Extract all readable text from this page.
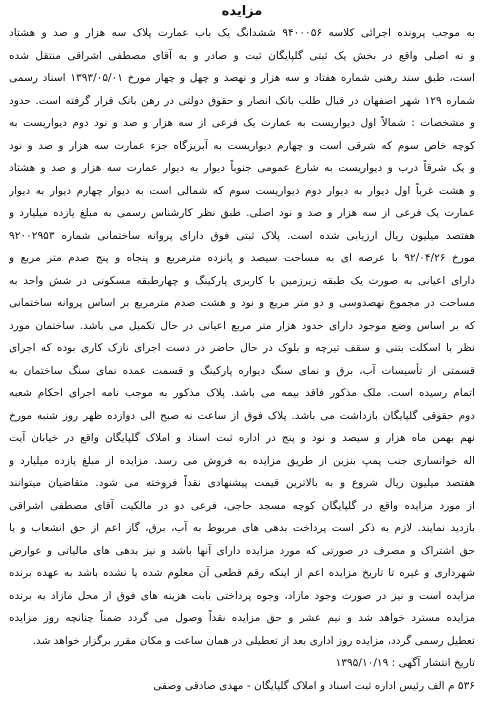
مزایده
به موجب پرونده اجرائی کلاسه ۹۴۰۰۰۵۶ ششدانگ یک باب عمارت پلاک سه هزار و صد و هشتاد
و نه اصلی واقع در بخش یک ثبتی گلپایگان ثبت و صادر و به آقای مصطفی اشراقی منتقل شده
است، طبق سند رهنی شماره هفتاد و سه هزار و نهصد و چهل و چهار مورخ ۱۳۹۳/۰۵/۰۱ اسناد رسمی
شماره ۱۲۹ شهر اصفهان در قبال طلب بانک انصار و حقوق دولتی در رهن بانک قرار گرفته است. حدود
و مشخصات : شمالاً اول دیواریست به عمارت یک فرعی از سه هزار و صد و نود دوم دیواریست به
کوچه خاص سوم که شرقی است و چهارم دیواریست به آبریزگاه جزء عمارت سه هزار و صد و نود
و یک شرقاً درب و دیواریست به شارع عمومی جنوباً دیوار به دیوار عمارت سه هزار و صد و هشتاد
و هشت غرباً اول دیوار به دیوار دوم دیواریست سوم که شمالی است به دیوار چهارم دیوار به دیوار
عمارت یک فرعی از سه هزار و صد و نود اصلی. طبق نظر کارشناس رسمی به مبلغ یازده میلیارد و
هفتصد میلیون ریال ارزیابی شده است. پلاک ثبتی فوق دارای پروانه ساختمانی شماره ۹۲۰۰۲۹۵۳
مورخ ۹۲/۰۴/۲۶ با عرصه ای به مساحت سیصد و پانزده مترمربع و پنجاه و پنج صدم متر مربع و
دارای اعیانی به صورت یک طبقه زیرزمین با کاربری پارکینگ و چهارطبقه مسکونی در شش واحد به
مساحت در مجموع نهصدوسی و دو متر مربع و نود و هشت صدم مترمربع بر اساس پروانه ساختمانی
که بر اساس وضع موجود دارای حدود هزار متر مربع اعیانی در حال تکمیل می باشد. ساختمان مورد
نظر با اسکلت بتنی و سقف تیرچه و بلوک در حال حاضر در دست اجرای نازک کاری بوده که اجرای
قسمتی از تأسیسات آب، برق و نمای سنگ دیواره پارکینگ و قسمت عمده نمای سنگ ساختمان به
اتمام رسیده است. ملک مذکور فاقد بیمه می باشد. پلاک مذکور به موجب نامه اجرای احکام شعبه
دوم حقوقی گلپایگان بازداشت می باشد. پلاک فوق از ساعت نه صبح الی دوازده ظهر روز شنبه مورخ
نهم بهمن ماه هزار و سیصد و نود و پنج در اداره ثبت اسناد و املاک گلپایگان واقع در خیابان آیت
اله خوانساری جنب پمپ بنزین از طریق مزایده به فروش می رسد. مزایده از مبلغ یازده میلیارد و
هفتصد میلیون ریال شروع و به بالاترین قیمت پیشنهادی نقداً فروخته می شود. متقاضیان میتوانند
از مورد مزایده واقع در گلپایگان کوچه مسجد حاجی، فرعی دو در مالکیت آقای مصطفی اشراقی
بازدید نمایند. لازم به ذکر است پرداخت بدهی های مربوط به آب، برق، گاز اعم از حق انشعاب و یا
حق اشتراک و مصرف در صورتی که مورد مزایده دارای آنها باشد و نیز بدهی های مالیاتی و عوارض
شهرداری و غیره تا تاریخ مزایده اعم از اینکه رقم قطعی آن معلوم شده یا نشده باشد به عهده برنده
مزایده است و نیز در صورت وجود مازاد، وجوه پرداختی بابت هزینه های فوق از محل مازاد به برنده
مزایده مسترد خواهد شد و نیم عشر و حق مزایده نقداً وصول می گردد ضمناً چنانچه روز مزایده
تعطیل رسمی گردد، مزایده روز اداری بعد از تعطیلی در همان ساعت و مکان مقرر برگزار خواهد شد.
تاریخ انتشار آگهی : ۱۳۹۵/۱۰/۱۹
۵۳۶ م الف رئیس اداره ثبت اسناد و املاک گلپایگان - مهدی صادقی وصفی
